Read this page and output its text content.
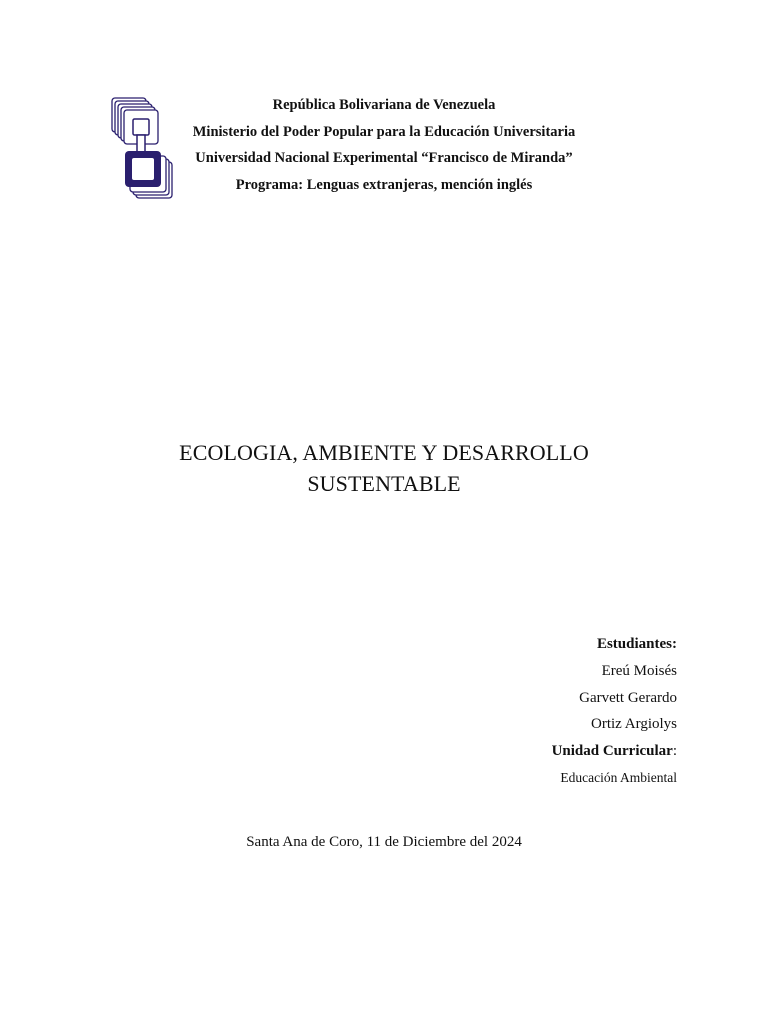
República Bolivariana de Venezuela
Ministerio del Poder Popular para la Educación Universitaria
Universidad Nacional Experimental “Francisco de Miranda”
Programa: Lenguas extranjeras, mención inglés
ECOLOGIA, AMBIENTE Y DESARROLLO
SUSTENTABLE
Estudiantes:
Ereú Moisés
Garvett Gerardo
Ortiz Argiolys
Unidad Curricular:
Educación Ambiental
Santa Ana de Coro, 11 de Diciembre del 2024
